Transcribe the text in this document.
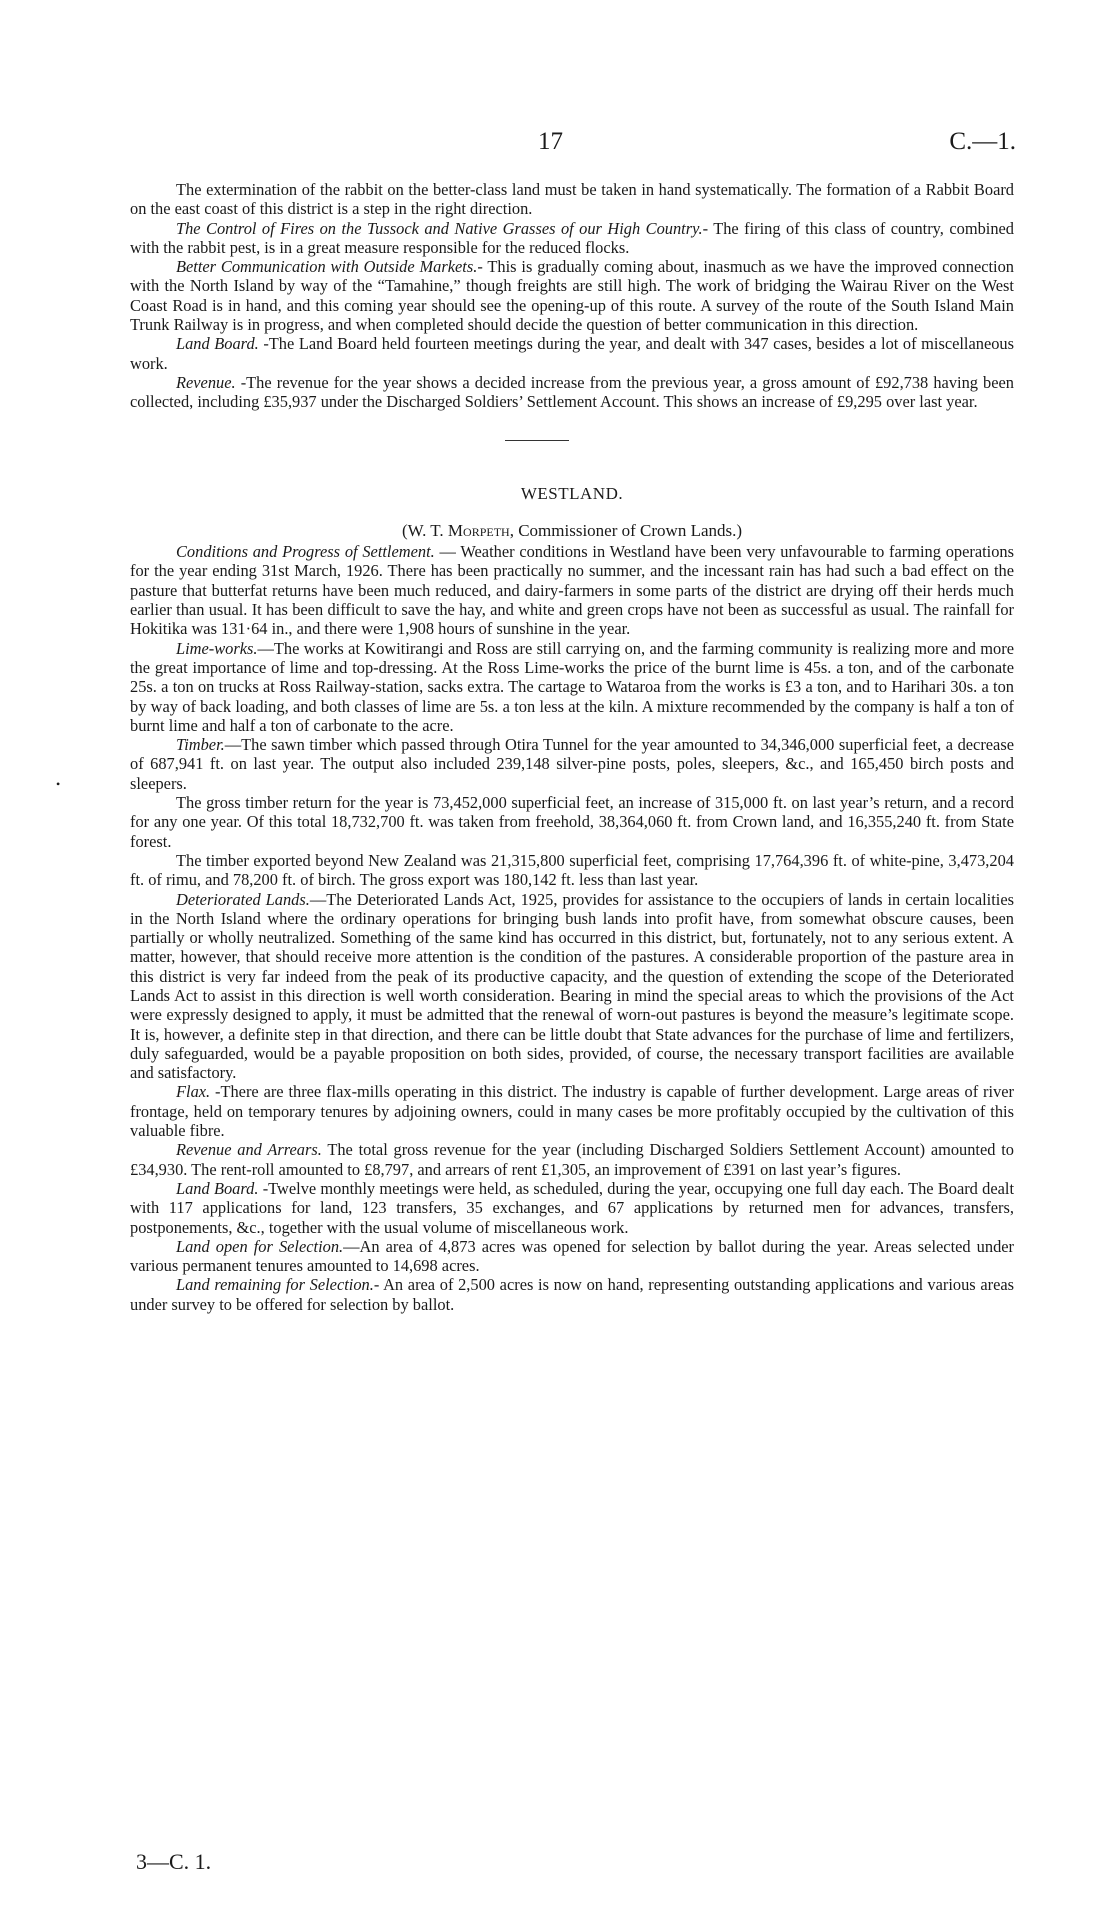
17	C.—1.
•

The extermination of the rabbit on the better-class land must be taken in hand systematically. The formation of a Rabbit Board on the east coast of this district is a step in the right direction.

The Control of Fires on the Tussock and Native Grasses of our High Country.- The firing of this class of country, combined with the rabbit pest, is in a great measure responsible for the reduced flocks.

Better Communication with Outside Markets.- This is gradually coming about, inasmuch as we have the improved connection with the North Island by way of the “Tamahine,” though freights are still high. The work of bridging the Wairau River on the West Coast Road is in hand, and this coming year should see the opening-up of this route. A survey of the route of the South Island Main Trunk Railway is in progress, and when completed should decide the question of better communication in this direction.

Land Board. -The Land Board held fourteen meetings during the year, and dealt with 347 cases, besides a lot of miscellaneous work.

Revenue. -The revenue for the year shows a decided increase from the previous year, a gross amount of £92,738 having been collected, including £35,937 under the Discharged Soldiers’ Settlement Account. This shows an increase of £9,295 over last year.

WESTLAND.
(W. T. Morpeth, Commissioner of Crown Lands.)

Conditions and Progress of Settlement. — Weather conditions in Westland have been very unfavourable to farming operations for the year ending 31st March, 1926. There has been practically no summer, and the incessant rain has had such a bad effect on the pasture that butterfat returns have been much reduced, and dairy-farmers in some parts of the district are drying off their herds much earlier than usual. It has been difficult to save the hay, and white and green crops have not been as successful as usual. The rainfall for Hokitika was 131·64 in., and there were 1,908 hours of sunshine in the year.

Lime-works.—The works at Kowitirangi and Ross are still carrying on, and the farming community is realizing more and more the great importance of lime and top-dressing. At the Ross Lime-works the price of the burnt lime is 45s. a ton, and of the carbonate 25s. a ton on trucks at Ross Railway-station, sacks extra. The cartage to Wataroa from the works is £3 a ton, and to Harihari 30s. a ton by way of back loading, and both classes of lime are 5s. a ton less at the kiln. A mixture recommended by the company is half a ton of burnt lime and half a ton of carbonate to the acre.

Timber.—The sawn timber which passed through Otira Tunnel for the year amounted to 34,346,000 superficial feet, a decrease of 687,941 ft. on last year. The output also included 239,148 silver-pine posts, poles, sleepers, &c., and 165,450 birch posts and sleepers.

The gross timber return for the year is 73,452,000 superficial feet, an increase of 315,000 ft. on last year’s return, and a record for any one year. Of this total 18,732,700 ft. was taken from freehold, 38,364,060 ft. from Crown land, and 16,355,240 ft. from State forest.

The timber exported beyond New Zealand was 21,315,800 superficial feet, comprising 17,764,396 ft. of white-pine, 3,473,204 ft. of rimu, and 78,200 ft. of birch. The gross export was 180,142 ft. less than last year.

Deteriorated Lands.—The Deteriorated Lands Act, 1925, provides for assistance to the occupiers of lands in certain localities in the North Island where the ordinary operations for bringing bush lands into profit have, from somewhat obscure causes, been partially or wholly neutralized. Something of the same kind has occurred in this district, but, fortunately, not to any serious extent. A matter, however, that should receive more attention is the condition of the pastures. A considerable proportion of the pasture area in this district is very far indeed from the peak of its productive capacity, and the question of extending the scope of the Deteriorated Lands Act to assist in this direction is well worth consideration. Bearing in mind the special areas to which the provisions of the Act were expressly designed to apply, it must be admitted that the renewal of worn-out pastures is beyond the measure’s legitimate scope. It is, however, a definite step in that direction, and there can be little doubt that State advances for the purchase of lime and fertilizers, duly safeguarded, would be a payable proposition on both sides, provided, of course, the necessary transport facilities are available and satisfactory.

Flax. -There are three flax-mills operating in this district. The industry is capable of further development. Large areas of river frontage, held on temporary tenures by adjoining owners, could in many cases be more profitably occupied by the cultivation of this valuable fibre.

Revenue and Arrears. The total gross revenue for the year (including Discharged Soldiers Settlement Account) amounted to £34,930. The rent-roll amounted to £8,797, and arrears of rent £1,305, an improvement of £391 on last year’s figures.

Land Board. -Twelve monthly meetings were held, as scheduled, during the year, occupying one full day each. The Board dealt with 117 applications for land, 123 transfers, 35 exchanges, and 67 applications by returned men for advances, transfers, postponements, &c., together with the usual volume of miscellaneous work.

Land open for Selection.—An area of 4,873 acres was opened for selection by ballot during the year. Areas selected under various permanent tenures amounted to 14,698 acres.

Land remaining for Selection.- An area of 2,500 acres is now on hand, representing outstanding applications and various areas under survey to be offered for selection by ballot.

3—C. 1.
